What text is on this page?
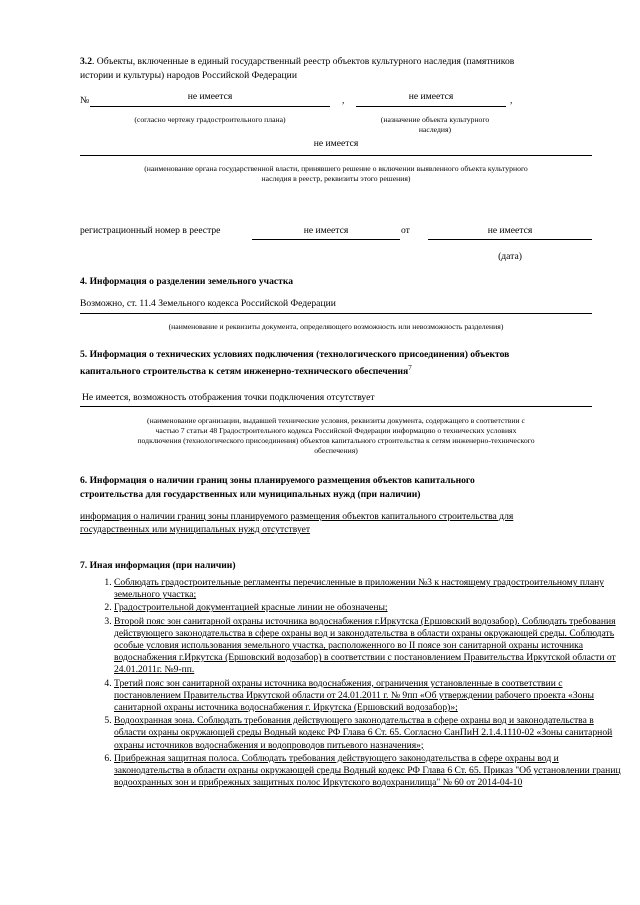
3.2. Объекты, включенные в единый государственный реестр объектов культурного наследия (памятников
истории и культуры) народов Российской Федерации
№	не имеется	,	не имеется	,
(согласно чертежу градостроительного плана)	(назначение объекта культурного
наследия)
не имеется
(наименование органа государственной власти, принявшего решение о включении выявленного объекта культурного
наследия в реестр, реквизиты этого решения)
регистрационный номер в реестре	не имеется	от	не имеется
(дата)
4. Информация о разделении земельного участка
Возможно, ст. 11.4 Земельного кодекса Российской Федерации
(наименование и реквизиты документа, определяющего возможность или невозможность разделения)
5. Информация о технических условиях подключения (технологического присоединения) объектов
капитального строительства к сетям инженерно-технического обеспечения$^7$
Не имеется, возможность отображения точки подключения отсутствует
(наименование организации, выдавшей технические условия, реквизиты документа, содержащего в соответствии с
частью 7 статьи 48 Градостроительного кодекса Российской Федерации информацию о технических условиях
подключения (технологического присоединения) объектов капитального строительства к сетям инженерно-технического
обеспечения)
6. Информация о наличии границ зоны планируемого размещения объектов капитального
строительства для государственных или муниципальных нужд (при наличии)
информация о наличии границ зоны планируемого размещения объектов капитального строительства для
государственных или муниципальных нужд отсутствует
7. Иная информация (при наличии)
1. Соблюдать градостроительные регламенты перечисленные в приложении №3 к настоящему градостроительному плану земельного участка;
2. Градостроительной документацией красные линии не обозначены;
3. Второй пояс зон санитарной охраны источника водоснабжения г.Иркутска (Ершовский водозабор). Соблюдать требования действующего законодательства в сфере охраны вод и законодательства в области охраны окружающей среды. Соблюдать особые условия использования земельного участка, расположенного во II поясе зон санитарной охраны источника водоснабжения г.Иркутска (Ершовский водозабор) в соответствии с постановлением Правительства Иркутской области от 24.01.2011г. №9-пп.
4. Третий пояс зон санитарной охраны источника водоснабжения, ограничения установленные в соответствии с постановлением Правительства Иркутской области от 24.01.2011 г. № 9пп «Об утверждении рабочего проекта «Зоны санитарной охраны источника водоснабжения г. Иркутска (Ершовский водозабор)»;
5. Водоохранная зона. Соблюдать требования действующего законодательства в сфере охраны вод и законодательства в области охраны окружающей среды Водный кодекс РФ Глава 6 Ст. 65. Согласно СанПиН 2.1.4.1110-02 «Зоны санитарной охраны источников водоснабжения и водопроводов питьевого назначения»;
6. Прибрежная защитная полоса. Соблюдать требования действующего законодательства в сфере охраны вод и законодательства в области охраны окружающей среды Водный кодекс РФ Глава 6 Ст. 65. Приказ "Об установлении границ водоохранных зон и прибрежных защитных полос Иркутского водохранилища" № 60 от 2014-04-10
